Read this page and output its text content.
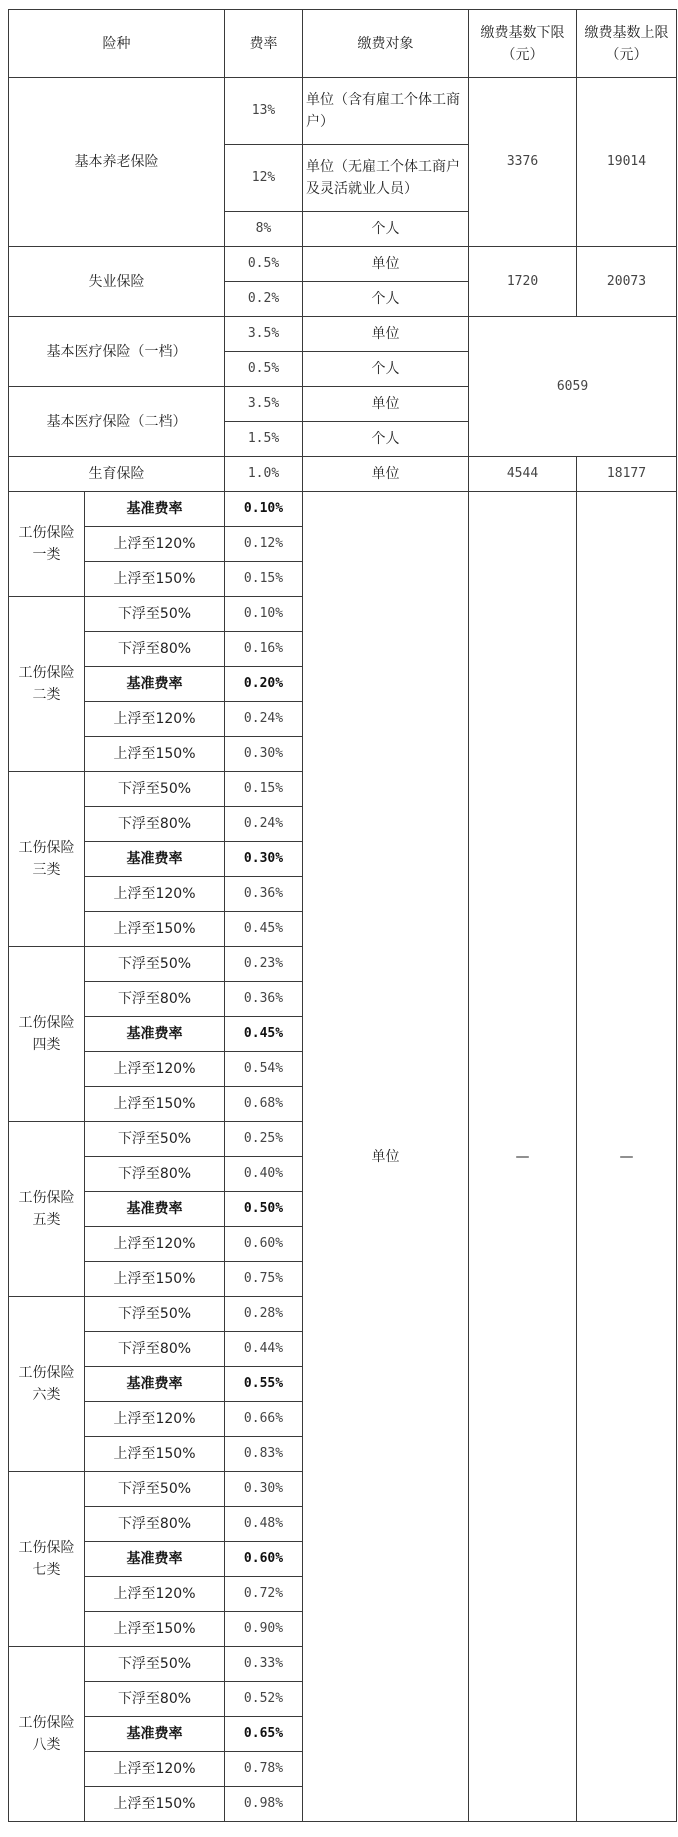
险种		费率	缴费对象	缴费基数下限（元）	缴费基数上限（元）
基本养老保险		13%	单位（含有雇工个体工商户）	3376	19014
		12%	单位（无雇工个体工商户及灵活就业人员）		
		8%	个人		
失业保险		0.5%	单位	1720	20073
		0.2%	个人		
基本医疗保险（一档）		3.5%	单位	6059	
		0.5%	个人		
基本医疗保险（二档）		3.5%	单位		
		1.5%	个人		
生育保险		1.0%	单位	4544	18177
工伤保险一类	基准费率	0.10%	单位	—	—
	上浮至120%	0.12%			
	上浮至150%	0.15%			
工伤保险二类	下浮至50%	0.10%			
	下浮至80%	0.16%			
	基准费率	0.20%			
	上浮至120%	0.24%			
	上浮至150%	0.30%			
工伤保险三类	下浮至50%	0.15%			
	下浮至80%	0.24%			
	基准费率	0.30%			
	上浮至120%	0.36%			
	上浮至150%	0.45%			
工伤保险四类	下浮至50%	0.23%			
	下浮至80%	0.36%			
	基准费率	0.45%			
	上浮至120%	0.54%			
	上浮至150%	0.68%			
工伤保险五类	下浮至50%	0.25%			
	下浮至80%	0.40%			
	基准费率	0.50%			
	上浮至120%	0.60%			
	上浮至150%	0.75%			
工伤保险六类	下浮至50%	0.28%			
	下浮至80%	0.44%			
	基准费率	0.55%			
	上浮至120%	0.66%			
	上浮至150%	0.83%			
工伤保险七类	下浮至50%	0.30%			
	下浮至80%	0.48%			
	基准费率	0.60%			
	上浮至120%	0.72%			
	上浮至150%	0.90%			
工伤保险八类	下浮至50%	0.33%			
	下浮至80%	0.52%			
	基准费率	0.65%			
	上浮至120%	0.78%			
	上浮至150%	0.98%			
